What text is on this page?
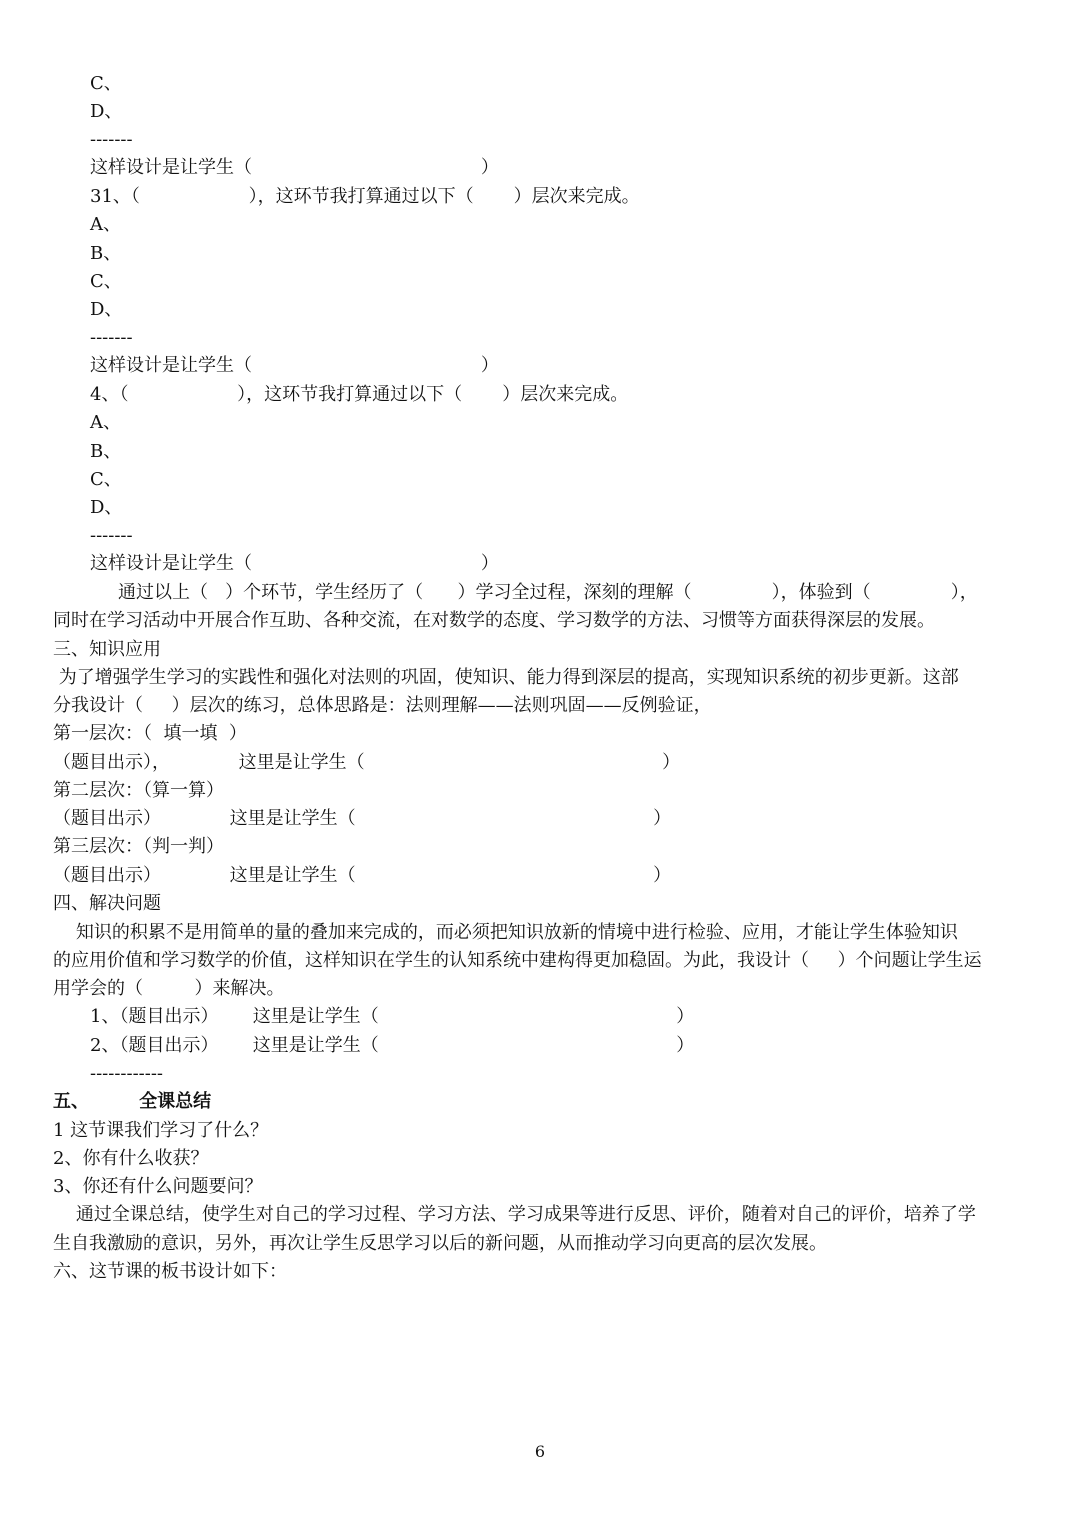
C、

D、

-------

这样设计是让学生（                                        ）

31、（                   ），这环节我打算通过以下（       ）层次来完成。

A、

B、

C、

D、

-------

这样设计是让学生（                                        ）

4、（                   ），这环节我打算通过以下（       ）层次来完成。

A、

B、

C、

D、

-------

这样设计是让学生（                                        ）

通过以上（   ）个环节，学生经历了（      ）学习全过程，深刻的理解（              ），体验到（              ），

同时在学习活动中开展合作互助、各种交流，在对数学的态度、学习数学的方法、习惯等方面获得深层的发展。

三、知识应用

为了增强学生学习的实践性和强化对法则的巩固，使知识、能力得到深层的提高，实现知识系统的初步更新。这部

分我设计（     ）层次的练习，总体思路是：法则理解——法则巩固——反例验证，

第一层次：（  填一填  ）

（题目出示），            这里是让学生（                                                    ）

第二层次：（算一算）

（题目出示）            这里是让学生（                                                    ）

第三层次：（判一判）

（题目出示）            这里是让学生（                                                    ）

四、解决问题

知识的积累不是用简单的量的叠加来完成的，而必须把知识放新的情境中进行检验、应用，才能让学生体验知识

的应用价值和学习数学的价值，这样知识在学生的认知系统中建构得更加稳固。为此，我设计（     ）个问题让学生运

用学会的（         ）来解决。

1、（题目出示）      这里是让学生（                                                    ）

2、（题目出示）      这里是让学生（                                                    ）

------------

五、        全课总结

1 这节课我们学习了什么？

2、你有什么收获？

3、你还有什么问题要问？

通过全课总结，使学生对自己的学习过程、学习方法、学习成果等进行反思、评价，随着对自己的评价，培养了学

生自我激励的意识，另外，再次让学生反思学习以后的新问题，从而推动学习向更高的层次发展。

六、这节课的板书设计如下：

6
